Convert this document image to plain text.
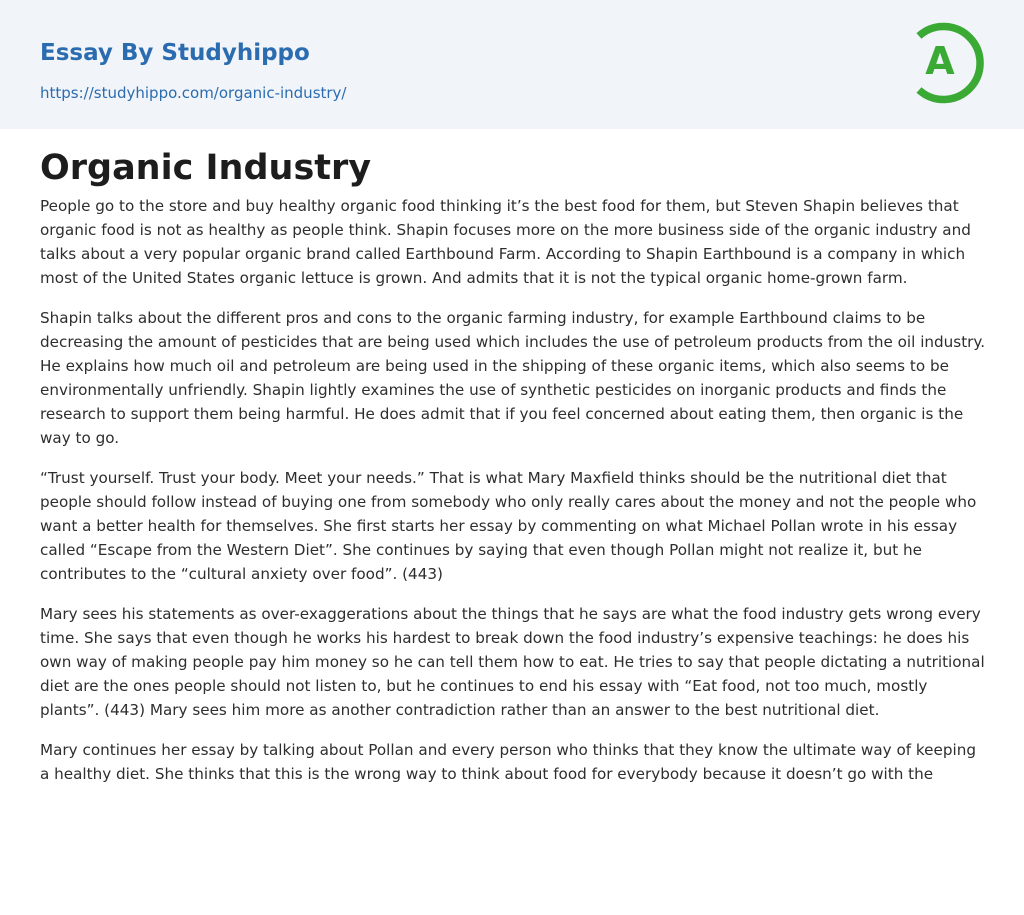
Essay By Studyhippo
https://studyhippo.com/organic-industry/
A
Organic Industry

People go to the store and buy healthy organic food thinking it’s the best food for them, but Steven Shapin believes that organic food is not as healthy as people think. Shapin focuses more on the more business side of the organic industry and talks about a very popular organic brand called Earthbound Farm. According to Shapin Earthbound is a company in which most of the United States organic lettuce is grown. And admits that it is not the typical organic home-grown farm.

Shapin talks about the different pros and cons to the organic farming industry, for example Earthbound claims to be decreasing the amount of pesticides that are being used which includes the use of petroleum products from the oil industry. He explains how much oil and petroleum are being used in the shipping of these organic items, which also seems to be environmentally unfriendly. Shapin lightly examines the use of synthetic pesticides on inorganic products and finds the research to support them being harmful. He does admit that if you feel concerned about eating them, then organic is the way to go.

“Trust yourself. Trust your body. Meet your needs.” That is what Mary Maxfield thinks should be the nutritional diet that people should follow instead of buying one from somebody who only really cares about the money and not the people who want a better health for themselves. She first starts her essay by commenting on what Michael Pollan wrote in his essay called “Escape from the Western Diet”. She continues by saying that even though Pollan might not realize it, but he contributes to the “cultural anxiety over food”. (443)

Mary sees his statements as over-exaggerations about the things that he says are what the food industry gets wrong every time. She says that even though he works his hardest to break down the food industry’s expensive teachings: he does his own way of making people pay him money so he can tell them how to eat. He tries to say that people dictating a nutritional diet are the ones people should not listen to, but he continues to end his essay with “Eat food, not too much, mostly plants”. (443) Mary sees him more as another contradiction rather than an answer to the best nutritional diet.

Mary continues her essay by talking about Pollan and every person who thinks that they know the ultimate way of keeping a healthy diet. She thinks that this is the wrong way to think about food for everybody because it doesn’t go with the
